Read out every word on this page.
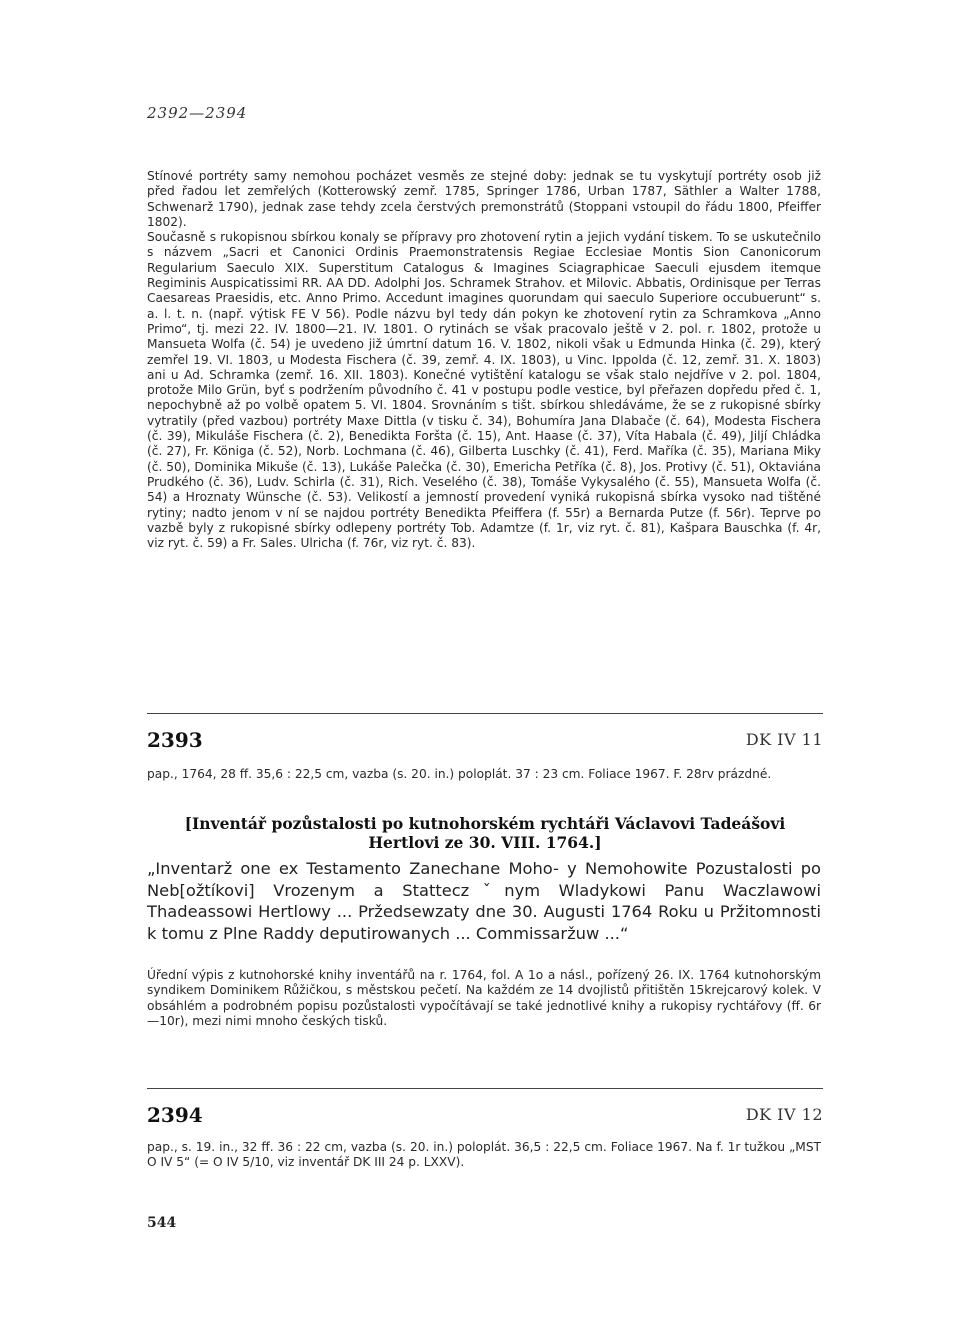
2392—2394

Stínové portréty samy nemohou pocházet vesměs ze stejné doby: jednak se tu vyskytují portréty osob již před řadou let zemřelých (Kotterowský zemř. 1785, Springer 1786, Urban 1787, Säthler a Walter 1788, Schwenarž 1790), jednak zase tehdy zcela čerstvých premonstrátů (Stoppani vstoupil do řádu 1800, Pfeiffer 1802).

Současně s rukopisnou sbírkou konaly se přípravy pro zhotovení rytin a jejich vydání tiskem. To se uskutečnilo s názvem „Sacri et Canonici Ordinis Praemonstratensis Regiae Ecclesiae Montis Sion Canonicorum Regularium Saeculo XIX. Superstitum Catalogus & Imagines Sciagraphicae Saeculi ejusdem itemque Regiminis Auspicatissimi RR. AA DD. Adolphi Jos. Schramek Strahov. et Milovic. Abbatis, Ordinisque per Terras Caesareas Praesidis, etc. Anno Primo. Accedunt imagines quorundam qui saeculo Superiore occubuerunt“ s. a. l. t. n. (např. výtisk FE V 56). Podle názvu byl tedy dán pokyn ke zhotovení rytin za Schramkova „Anno Primo“, tj. mezi 22. IV. 1800—21. IV. 1801. O rytinách se však pracovalo ještě v 2. pol. r. 1802, protože u Mansueta Wolfa (č. 54) je uvedeno již úmrtní datum 16. V. 1802, nikoli však u Edmunda Hinka (č. 29), který zemřel 19. VI. 1803, u Modesta Fischera (č. 39, zemř. 4. IX. 1803), u Vinc. Ippolda (č. 12, zemř. 31. X. 1803) ani u Ad. Schramka (zemř. 16. XII. 1803). Konečné vytištění katalogu se však stalo nejdříve v 2. pol. 1804, protože Milo Grün, byť s podržením původního č. 41 v postupu podle vestice, byl přeřazen dopředu před č. 1, nepochybně až po volbě opatem 5. VI. 1804. Srovnáním s tišt. sbírkou shledáváme, že se z rukopisné sbírky vytratily (před vazbou) portréty Maxe Dittla (v tisku č. 34), Bohumíra Jana Dlabače (č. 64), Modesta Fischera (č. 39), Mikuláše Fischera (č. 2), Benedikta Foršta (č. 15), Ant. Haase (č. 37), Víta Habala (č. 49), Jiljí Chládka (č. 27), Fr. Königa (č. 52), Norb. Lochmana (č. 46), Gilberta Luschky (č. 41), Ferd. Maříka (č. 35), Mariana Miky (č. 50), Dominika Mikuše (č. 13), Lukáše Palečka (č. 30), Emericha Petříka (č. 8), Jos. Protivy (č. 51), Oktaviána Prudkého (č. 36), Ludv. Schirla (č. 31), Rich. Veselého (č. 38), Tomáše Vykysalého (č. 55), Mansueta Wolfa (č. 54) a Hroznaty Wünsche (č. 53). Velikostí a jemností provedení vyniká rukopisná sbírka vysoko nad tištěné rytiny; nadto jenom v ní se najdou portréty Benedikta Pfeiffera (f. 55r) a Bernarda Putze (f. 56r). Teprve po vazbě byly z rukopisné sbírky odlepeny portréty Tob. Adamtze (f. 1r, viz ryt. č. 81), Kašpara Bauschka (f. 4r, viz ryt. č. 59) a Fr. Sales. Ulricha (f. 76r, viz ryt. č. 83).

2393	DK IV 11

pap., 1764, 28 ff. 35,6 : 22,5 cm, vazba (s. 20. in.) poloplát. 37 : 23 cm. Foliace 1967. F. 28rv prázdné.

[Inventář pozůstalosti po kutnohorském rychtáři Václavovi Tadeášovi
Hertlovi ze 30. VIII. 1764.]

„Inventarž one ex Testamento Zanechane Moho- y Nemohowite Pozustalosti po Neb[ožtíkovi] Vrozenym a Statteczˇnym Wladykowi Panu Waczlawowi Thadeassowi Hertlowy ... Pržedsewzaty dne 30. Augusti 1764 Roku u Pržitomnosti k tomu z Plne Raddy deputirowanych ... Commissaržuw ...“

Úřední výpis z kutnohorské knihy inventářů na r. 1764, fol. A 1o a násl., pořízený 26. IX. 1764 kutnohorským syndikem Dominikem Růžičkou, s městskou pečetí. Na každém ze 14 dvojlistů přitištěn 15krejcarový kolek. V obsáhlém a podrobném popisu pozůstalosti vypočítávají se také jednotlivé knihy a rukopisy rychtářovy (ff. 6r—10r), mezi nimi mnoho českých tisků.

2394	DK IV 12

pap., s. 19. in., 32 ff. 36 : 22 cm, vazba (s. 20. in.) poloplát. 36,5 : 22,5 cm. Foliace 1967. Na f. 1r tužkou „MST O IV 5“ (= O IV 5/10, viz inventář DK III 24 p. LXXV).

544
